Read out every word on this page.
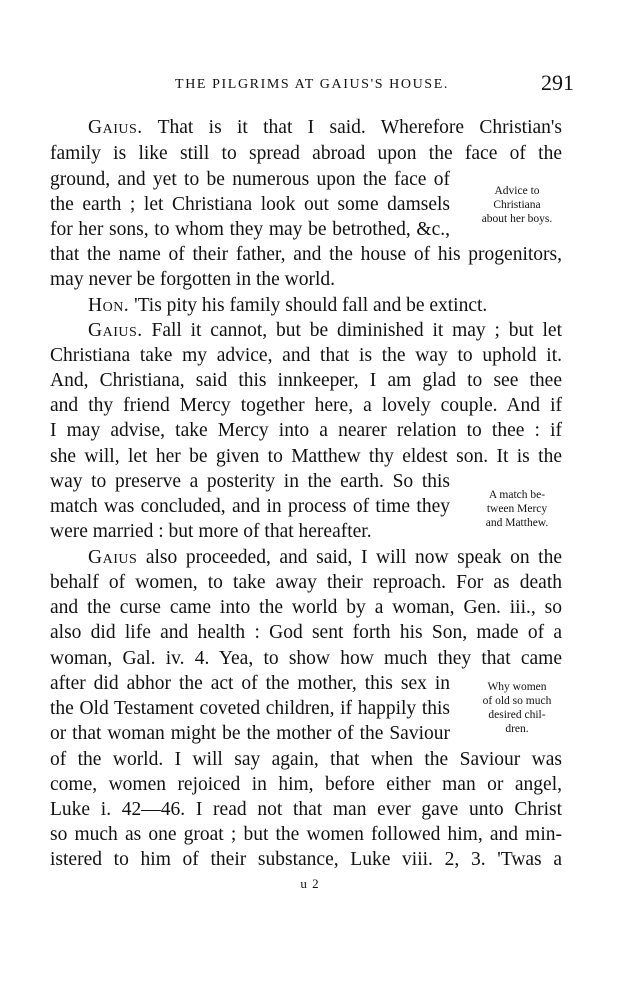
THE PILGRIMS AT GAIUS'S HOUSE.	291
Gaius. That is it that I said. Wherefore Christian's
family is like still to spread abroad upon the face of the
ground, and yet to be numerous upon the face of
the earth ; let Christiana look out some damsels
for her sons, to whom they may be betrothed, &c.,
that the name of their father, and the house of his progenitors,
may never be forgotten in the world.
Hon. 'Tis pity his family should fall and be extinct.
Gaius. Fall it cannot, but be diminished it may ; but let
Christiana take my advice, and that is the way to uphold it.
And, Christiana, said this innkeeper, I am glad to see thee
and thy friend Mercy together here, a lovely couple. And if
I may advise, take Mercy into a nearer relation to thee : if
she will, let her be given to Matthew thy eldest son. It is the
way to preserve a posterity in the earth. So this
match was concluded, and in process of time they
were married : but more of that hereafter.
Gaius also proceeded, and said, I will now speak on the
behalf of women, to take away their reproach. For as death
and the curse came into the world by a woman, Gen. iii., so
also did life and health : God sent forth his Son, made of a
woman, Gal. iv. 4. Yea, to show how much they that came
after did abhor the act of the mother, this sex in
the Old Testament coveted children, if happily this
or that woman might be the mother of the Saviour
of the world. I will say again, that when the Saviour was
come, women rejoiced in him, before either man or angel,
Luke i. 42—46. I read not that man ever gave unto Christ
so much as one groat ; but the women followed him, and min-
istered to him of their substance, Luke viii. 2, 3. 'Twas a
Advice to
Christiana
about her boys.
A match be-
tween Mercy
and Matthew.
Why women
of old so much
desired chil-
dren.
u 2
